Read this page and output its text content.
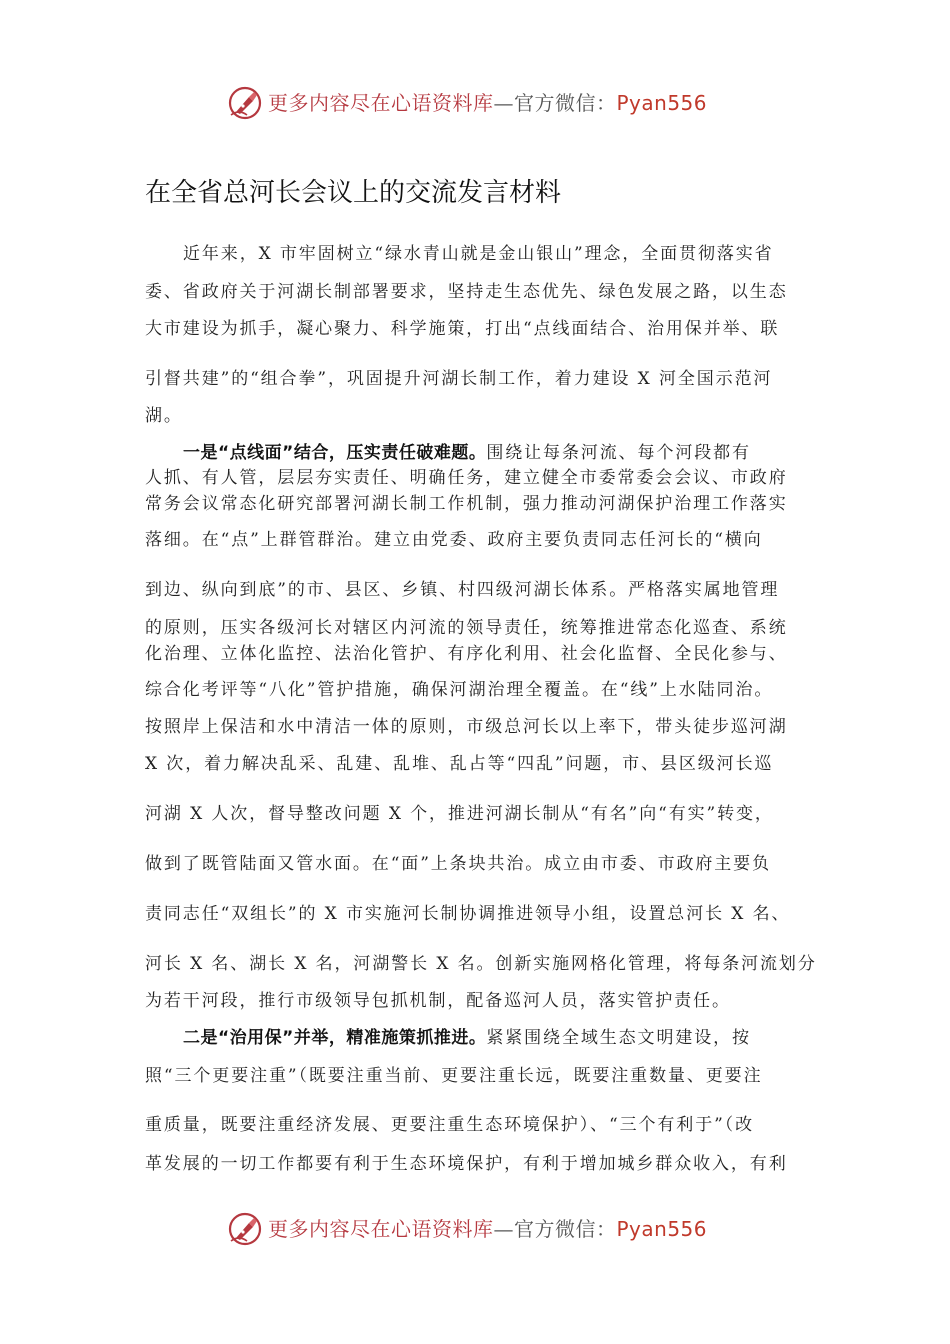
更多内容尽在心语资料库—官方微信：Pyan556
在全省总河长会议上的交流发言材料
近年来，X 市牢固树立“绿水青山就是金山银山”理念，全面贯彻落实省
委、省政府关于河湖长制部署要求，坚持走生态优先、绿色发展之路，以生态
大市建设为抓手，凝心聚力、科学施策，打出“点线面结合、治用保并举、联
引督共建”的“组合拳”，巩固提升河湖长制工作，着力建设 X 河全国示范河
湖。
一是“点线面”结合，压实责任破难题。围绕让每条河流、每个河段都有
人抓、有人管，层层夯实责任、明确任务，建立健全市委常委会会议、市政府
常务会议常态化研究部署河湖长制工作机制，强力推动河湖保护治理工作落实
落细。在“点”上群管群治。建立由党委、政府主要负责同志任河长的“横向
到边、纵向到底”的市、县区、乡镇、村四级河湖长体系。严格落实属地管理
的原则，压实各级河长对辖区内河流的领导责任，统筹推进常态化巡查、系统
化治理、立体化监控、法治化管护、有序化利用、社会化监督、全民化参与、
综合化考评等“八化”管护措施，确保河湖治理全覆盖。在“线”上水陆同治。
按照岸上保洁和水中清洁一体的原则，市级总河长以上率下，带头徒步巡河湖
X 次，着力解决乱采、乱建、乱堆、乱占等“四乱”问题，市、县区级河长巡
河湖 X 人次，督导整改问题 X 个，推进河湖长制从“有名”向“有实”转变，
做到了既管陆面又管水面。在“面”上条块共治。成立由市委、市政府主要负
责同志任“双组长”的 X 市实施河长制协调推进领导小组，设置总河长 X 名、
河长 X 名、湖长 X 名，河湖警长 X 名。创新实施网格化管理，将每条河流划分
为若干河段，推行市级领导包抓机制，配备巡河人员，落实管护责任。
二是“治用保”并举，精准施策抓推进。紧紧围绕全域生态文明建设，按
照“三个更要注重”（既要注重当前、更要注重长远，既要注重数量、更要注
重质量，既要注重经济发展、更要注重生态环境保护）、“三个有利于”（改
革发展的一切工作都要有利于生态环境保护，有利于增加城乡群众收入，有利
更多内容尽在心语资料库—官方微信：Pyan556
